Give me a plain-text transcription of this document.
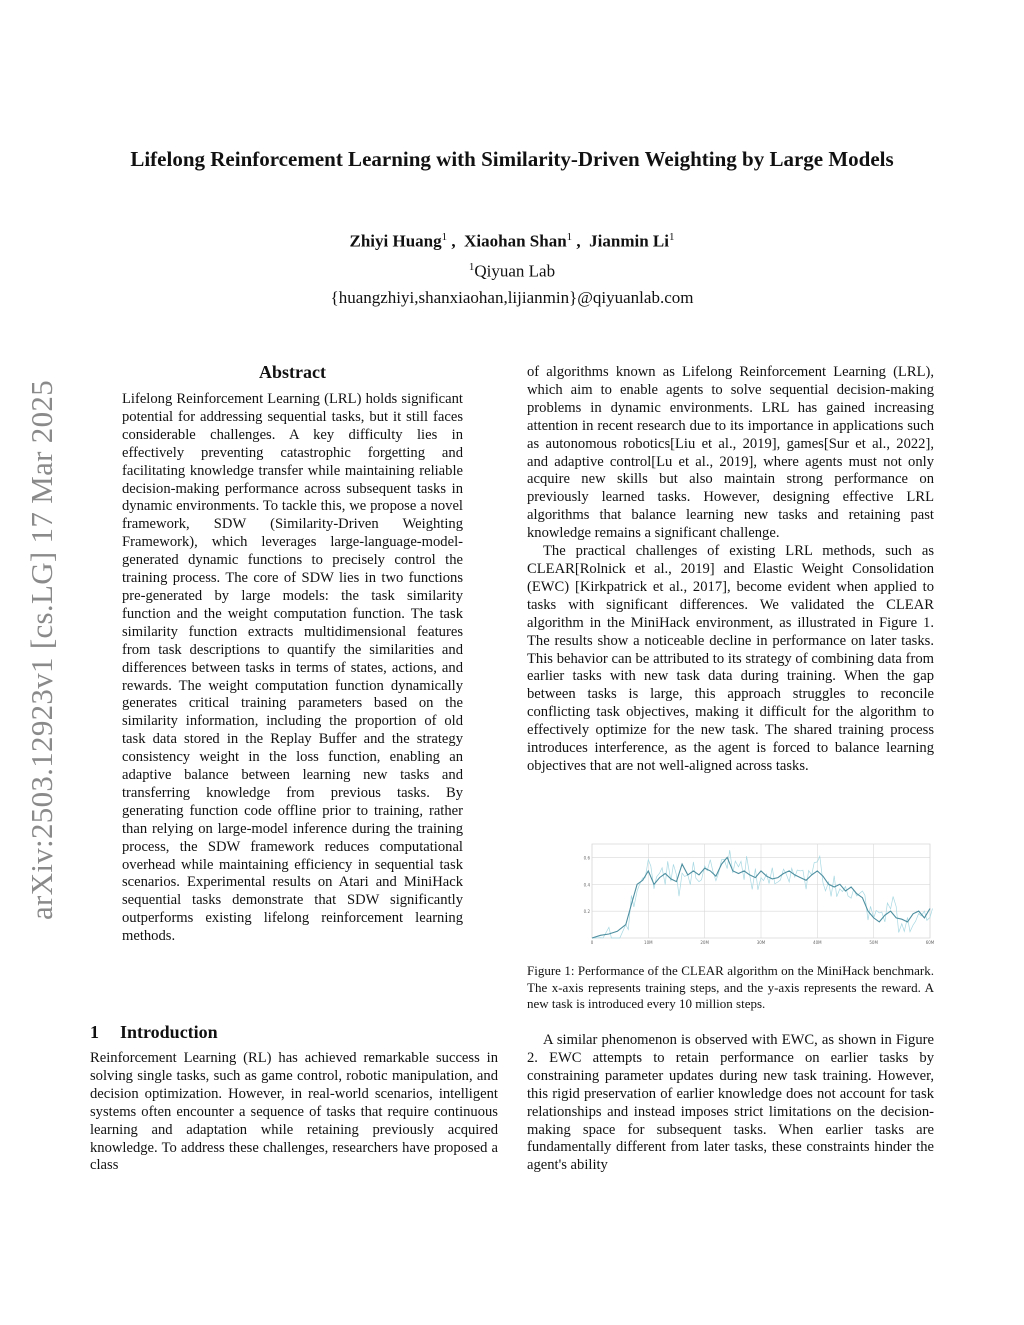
arXiv:2503.12923v1 [cs.LG] 17 Mar 2025
Lifelong Reinforcement Learning with Similarity-Driven Weighting by Large Models
Zhiyi Huang$^1$ ,  Xiaohan Shan$^1$ ,  Jianmin Li$^1$
$^1$Qiyuan Lab
{huangzhiyi,shanxiaohan,lijianmin}@qiyuanlab.com
Abstract
Lifelong Reinforcement Learning (LRL) holds significant potential for addressing sequential tasks, but it still faces considerable challenges. A key difficulty lies in effectively preventing catastrophic forgetting and facilitating knowledge transfer while maintaining reliable decision-making performance across subsequent tasks in dynamic environments. To tackle this, we propose a novel framework, SDW (Similarity-Driven Weighting Framework), which leverages large-language-model-generated dynamic functions to precisely control the training process. The core of SDW lies in two functions pre-generated by large models: the task similarity function and the weight computation function. The task similarity function extracts multidimensional features from task descriptions to quantify the similarities and differences between tasks in terms of states, actions, and rewards. The weight computation function dynamically generates critical training parameters based on the similarity information, including the proportion of old task data stored in the Replay Buffer and the strategy consistency weight in the loss function, enabling an adaptive balance between learning new tasks and transferring knowledge from previous tasks. By generating function code offline prior to training, rather than relying on large-model inference during the training process, the SDW framework reduces computational overhead while maintaining efficiency in sequential task scenarios. Experimental results on Atari and MiniHack sequential tasks demonstrate that SDW significantly outperforms existing lifelong reinforcement learning methods.
1 Introduction

Reinforcement Learning (RL) has achieved remarkable success in solving single tasks, such as game control, robotic manipulation, and decision optimization. However, in real-world scenarios, intelligent systems often encounter a sequence of tasks that require continuous learning and adaptation while retaining previously acquired knowledge. To address these challenges, researchers have proposed a class

of algorithms known as Lifelong Reinforcement Learning (LRL), which aim to enable agents to solve sequential decision-making problems in dynamic environments. LRL has gained increasing attention in recent research due to its importance in applications such as autonomous robotics[Liu et al., 2019], games[Sur et al., 2022], and adaptive control[Lu et al., 2019], where agents must not only acquire new skills but also maintain strong performance on previously learned tasks. However, designing effective LRL algorithms that balance learning new tasks and retaining past knowledge remains a significant challenge.

The practical challenges of existing LRL methods, such as CLEAR[Rolnick et al., 2019] and Elastic Weight Consolidation (EWC) [Kirkpatrick et al., 2017], become evident when applied to tasks with significant differences. We validated the CLEAR algorithm in the MiniHack environment, as illustrated in Figure 1. The results show a noticeable decline in performance on later tasks. This behavior can be attributed to its strategy of combining data from earlier tasks with new task data during training. When the gap between tasks is large, this approach struggles to reconcile conflicting task objectives, making it difficult for the algorithm to effectively optimize for the new task. The shared training process introduces interference, as the agent is forced to balance learning objectives that are not well-aligned across tasks.

0.2
0.4
0.6
0	10M	20M	30M	40M	50M	60M
Figure 1: Performance of the CLEAR algorithm on the MiniHack benchmark. The x-axis represents training steps, and the y-axis represents the reward. A new task is introduced every 10 million steps.
A similar phenomenon is observed with EWC, as shown in Figure 2. EWC attempts to retain performance on earlier tasks by constraining parameter updates during new task training. However, this rigid preservation of earlier knowledge does not account for task relationships and instead imposes strict limitations on the decision-making space for subsequent tasks. When earlier tasks are fundamentally different from later tasks, these constraints hinder the agent's ability
